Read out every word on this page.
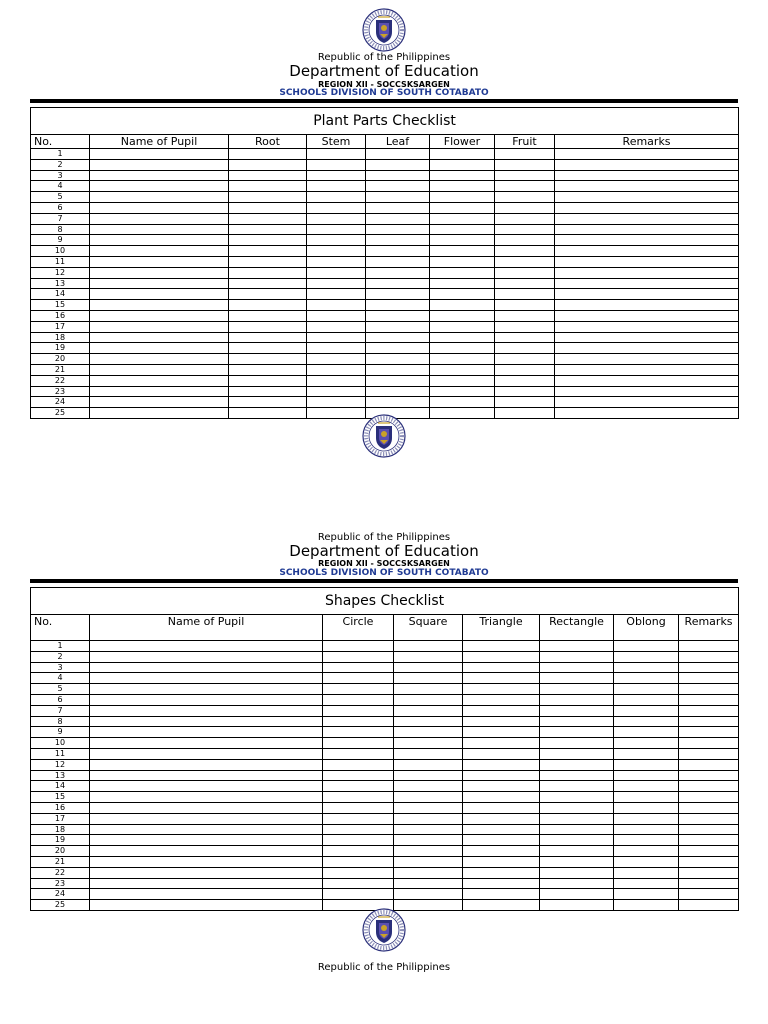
Republic of the Philippines
Department of Education
REGION XII - SOCCSKSARGEN
SCHOOLS DIVISION OF SOUTH COTABATO
Plant Parts Checklist							
No.	Name of Pupil	Root	Stem	Leaf	Flower	Fruit	Remarks
1							
2							
3							
4							
5							
6							
7							
8							
9							
10							
11							
12							
13							
14							
15							
16							
17							
18							
19							
20							
21							
22							
23							
24							
25							
Republic of the Philippines
Department of Education
REGION XII - SOCCSKSARGEN
SCHOOLS DIVISION OF SOUTH COTABATO
Shapes Checklist							
No.	Name of Pupil	Circle	Square	Triangle	Rectangle	Oblong	Remarks
1							
2							
3							
4							
5							
6							
7							
8							
9							
10							
11							
12							
13							
14							
15							
16							
17							
18							
19							
20							
21							
22							
23							
24							
25							
Republic of the Philippines
